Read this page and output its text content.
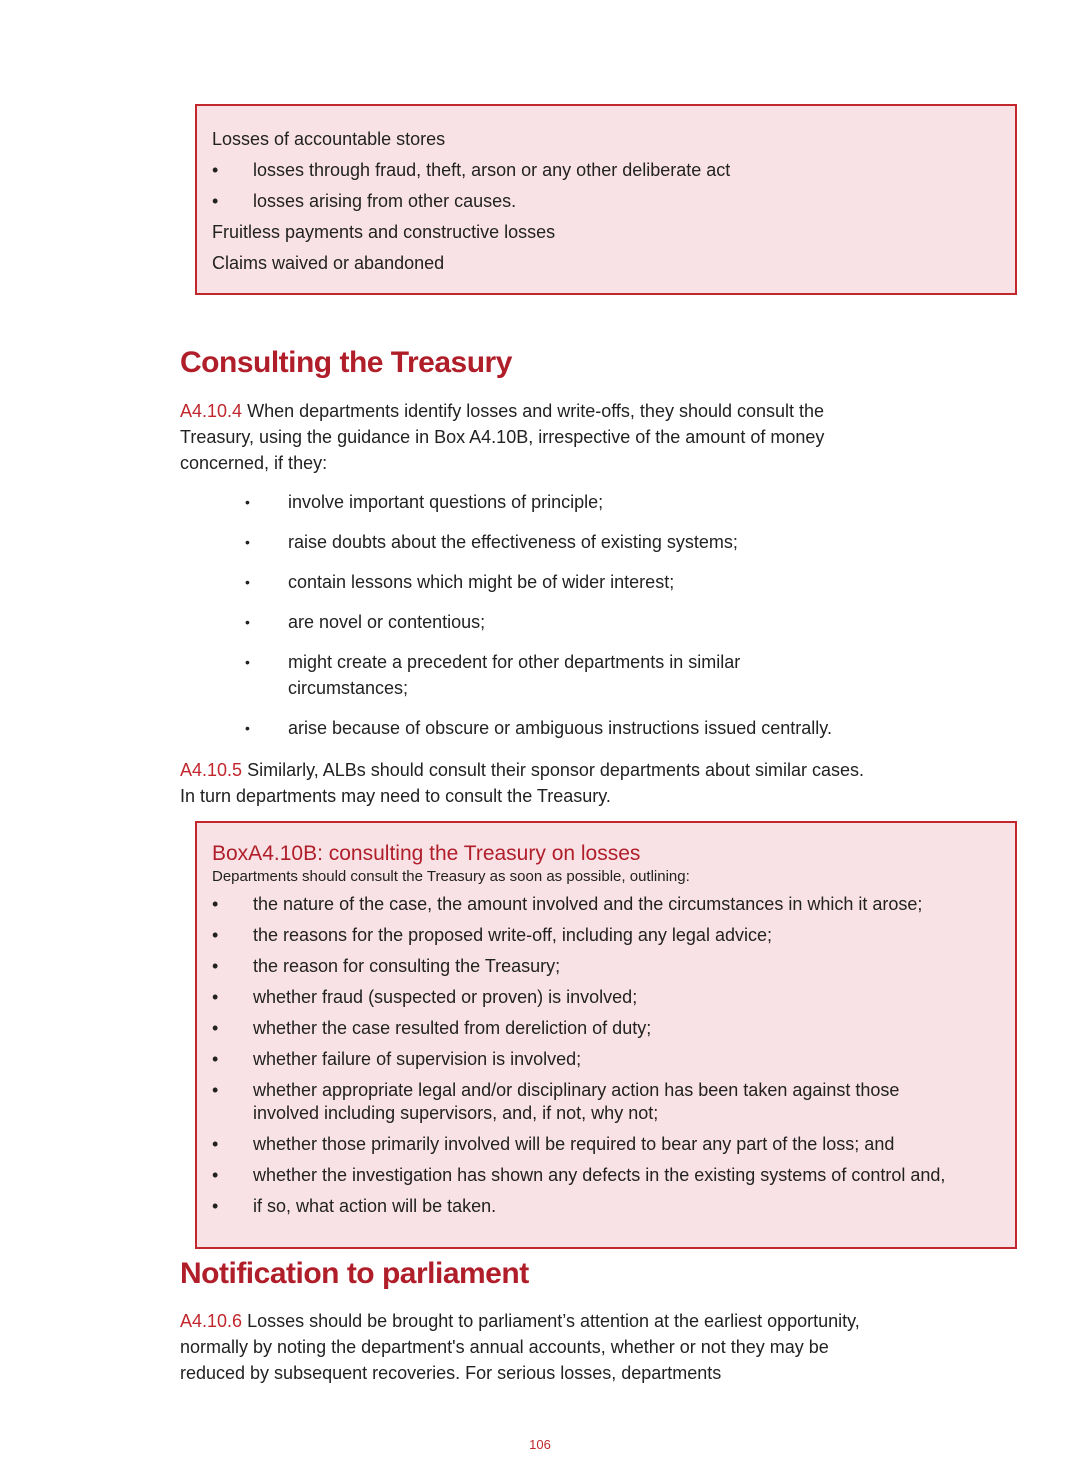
Losses of accountable stores

• losses through fraud, theft, arson or any other deliberate act
• losses arising from other causes.

Fruitless payments and constructive losses

Claims waived or abandoned

Consulting the Treasury

A4.10.4 When departments identify losses and write-offs, they should consult the Treasury, using the guidance in Box A4.10B, irrespective of the amount of money concerned, if they:

• involve important questions of principle;
• raise doubts about the effectiveness of existing systems;
• contain lessons which might be of wider interest;
• are novel or contentious;
• might create a precedent for other departments in similar circumstances;
• arise because of obscure or ambiguous instructions issued centrally.

A4.10.5 Similarly, ALBs should consult their sponsor departments about similar cases. In turn departments may need to consult the Treasury.

BoxA4.10B: consulting the Treasury on losses

Departments should consult the Treasury as soon as possible, outlining:

• the nature of the case, the amount involved and the circumstances in which it arose;
• the reasons for the proposed write-off, including any legal advice;
• the reason for consulting the Treasury;
• whether fraud (suspected or proven) is involved;
• whether the case resulted from dereliction of duty;
• whether failure of supervision is involved;
• whether appropriate legal and/or disciplinary action has been taken against those involved including supervisors, and, if not, why not;
• whether those primarily involved will be required to bear any part of the loss; and
• whether the investigation has shown any defects in the existing systems of control and,
• if so, what action will be taken.
Notification to parliament

A4.10.6 Losses should be brought to parliament’s attention at the earliest opportunity, normally by noting the department's annual accounts, whether or not they may be reduced by subsequent recoveries. For serious losses, departments

106
